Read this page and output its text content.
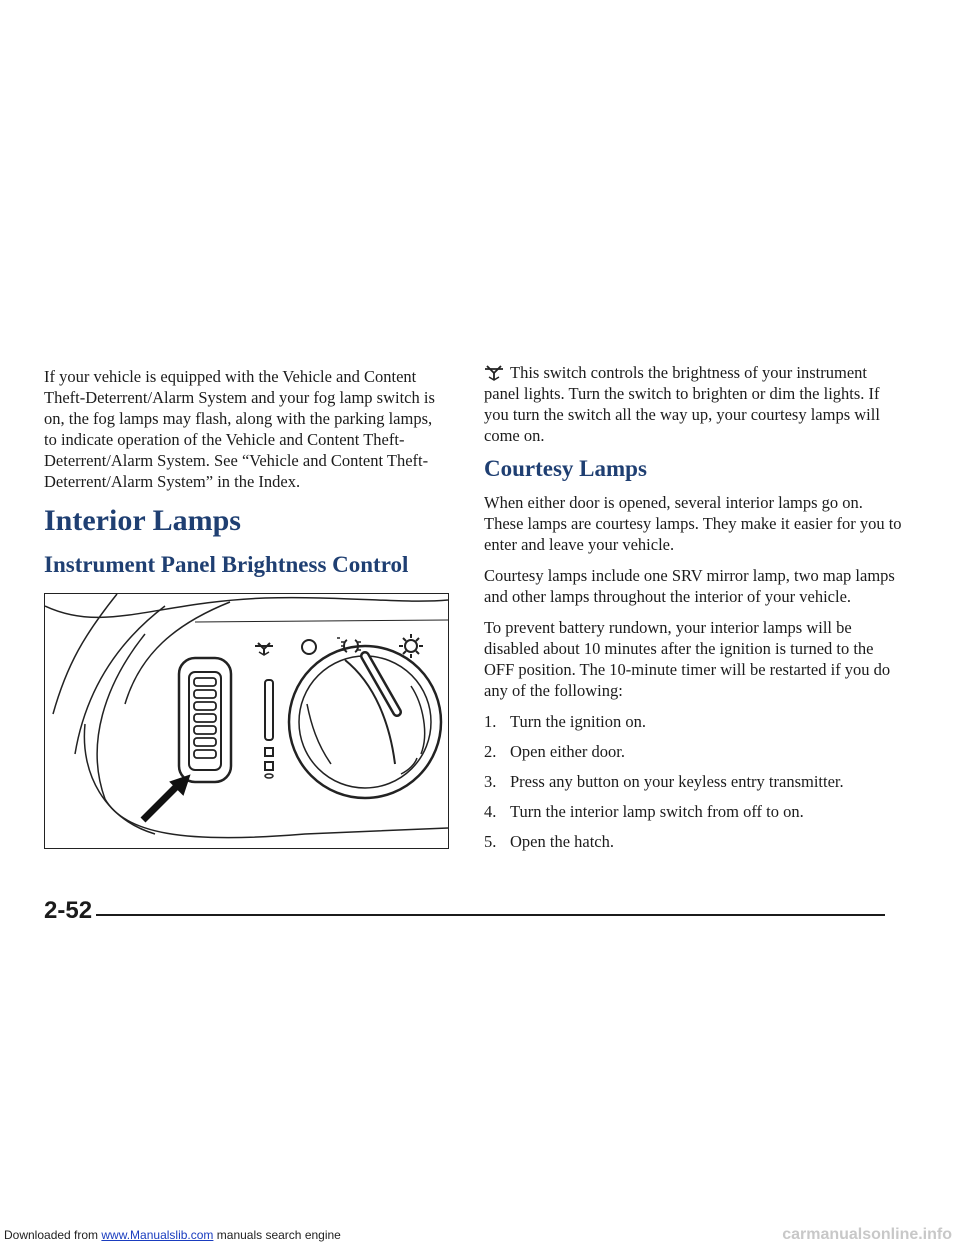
If your vehicle is equipped with the Vehicle and Content Theft-Deterrent/Alarm System and your fog lamp switch is on, the fog lamps may flash, along with the parking lamps, to indicate operation of the Vehicle and Content Theft-Deterrent/Alarm System. See “Vehicle and Content Theft-Deterrent/Alarm System” in the Index.

Interior Lamps
Instrument Panel Brightness Control

This switch controls the brightness of your instrument panel lights. Turn the switch to brighten or dim the lights. If you turn the switch all the way up, your courtesy lamps will come on.

Courtesy Lamps

When either door is opened, several interior lamps go on. These lamps are courtesy lamps. They make it easier for you to enter and leave your vehicle.

Courtesy lamps include one SRV mirror lamp, two map lamps and other lamps throughout the interior of your vehicle.

To prevent battery rundown, your interior lamps will be disabled about 10 minutes after the ignition is turned to the OFF position. The 10-minute timer will be restarted if you do any of the following:

1. Turn the ignition on.
2. Open either door.
3. Press any button on your keyless entry transmitter.
4. Turn the interior lamp switch from off to on.
5. Open the hatch.
2-52
Downloaded from www.Manualslib.com manuals search engine	carmanualsonline.info
